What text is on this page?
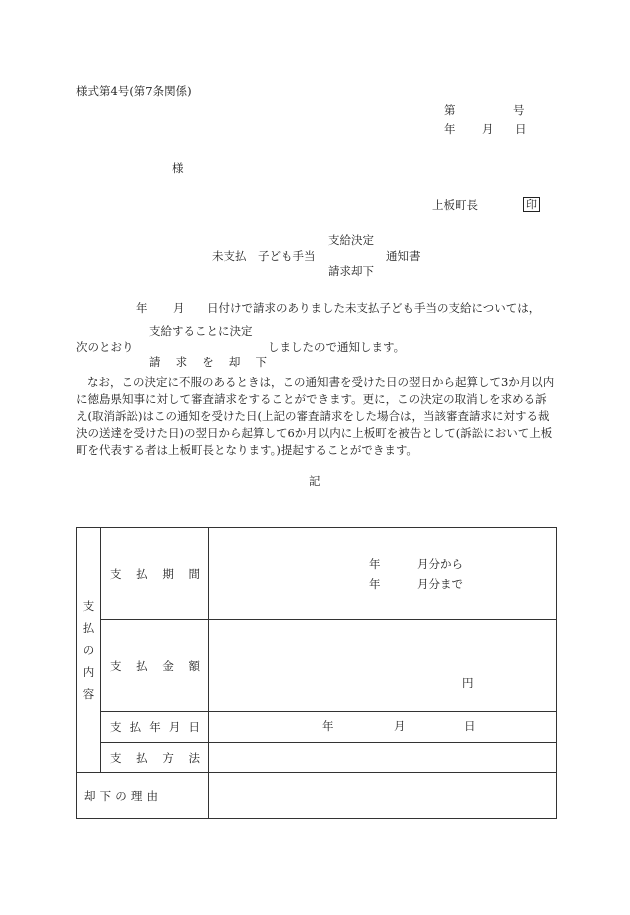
様式第4号(第7条関係)
第	号
年 月 日
様
上板町長	印
支給決定
未支払　子ども手当	通知書
請求却下
年 月 日付けで請求のありました未支払子ども手当の支給については，
支給することに決定
次のとおり	しましたので通知します。
請 求 を 却 下
なお，この決定に不服のあるときは，この通知書を受けた日の翌日から起算して3か月以内に徳島県知事に対して審査請求をすることができます。更に，この決定の取消しを求める訴え(取消訴訟)はこの通知を受けた日(上記の審査請求をした場合は，当該審査請求に対する裁決の送達を受けた日)の翌日から起算して6か月以内に上板町を被告として(訴訟において上板町を代表する者は上板町長となります。)提起することができます。
記
支
払
の
内
容	支 払 期 間	年 月分から
年 月分まで

	支 払 金 額	円

	支 払 年 月 日	年 月 日

	支 払 方 法	

却 下 の 理 由		
